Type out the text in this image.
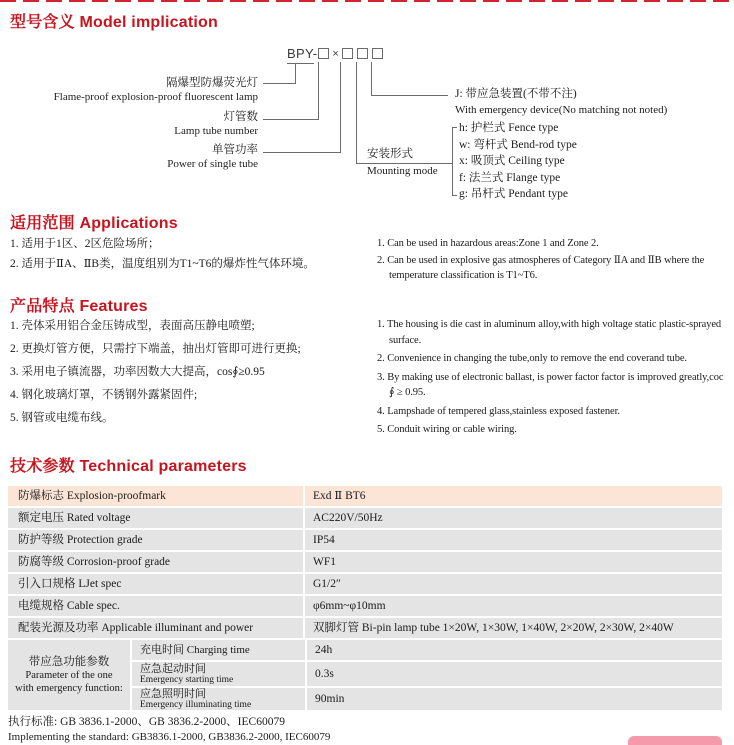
型号含义 Model implication
BPY- ×
隔爆型防爆荧光灯
Flame-proof explosion-proof fluorescent lamp
灯管数
Lamp tube number
单管功率
Power of single tube
安装形式
Mounting mode
h: 护栏式 Fence type
w: 弯杆式 Bend-rod type
x: 吸顶式 Ceiling type
f: 法兰式 Flange type
g: 吊杆式 Pendant type
J: 带应急装置(不带不注)
With emergency device(No matching not noted)
适用范围 Applications
1. 适用于1区、2区危险场所；
2. 适用于ⅡA、ⅡB类，温度组别为T1~T6的爆炸性气体环境。
1. Can be used in hazardous areas:Zone 1 and Zone 2.
2. Can be used in explosive gas atmospheres of Category ⅡA and ⅡB where the temperature classification is T1~T6.
产品特点 Features
1. 壳体采用铝合金压铸成型，表面高压静电喷塑;
2. 更换灯管方便，只需拧下端盖，抽出灯管即可进行更换;
3. 采用电子镇流器，功率因数大大提高，cos∮≥0.95
4. 钢化玻璃灯罩，不锈钢外露紧固件;
5. 钢管或电缆布线。
1. The housing is die cast in aluminum alloy,with high voltage static plastic-sprayed surface.
2. Convenience in changing the tube,only to remove the end coverand tube.
3. By making use of electronic ballast, is power factor factor is improved greatly,coc ∮ ≥ 0.95.
4. Lampshade of tempered glass,stainless exposed fastener.
5. Conduit wiring or cable wiring.
技术参数 Technical parameters
防爆标志 Explosion-proofmark	Exd Ⅱ BT6
额定电压 Rated voltage	AC220V/50Hz
防护等级 Protection grade	IP54
防腐等级 Corrosion-proof grade	WF1
引入口规格 LJet spec	G1/2″
电缆规格 Cable spec.	φ6mm~φ10mm
配装光源及功率 Applicable illuminant and power	双脚灯管 Bi-pin lamp tube 1×20W, 1×30W, 1×40W, 2×20W, 2×30W, 2×40W
带应急功能参数
Parameter of the one
with emergency function:
充电时间 Charging time	24h
应急起动时间
Emergency starting time	0.3s
应急照明时间
Emergency illuminating time	90min
执行标准: GB 3836.1-2000、GB 3836.2-2000、IEC60079
Implementing the standard: GB3836.1-2000, GB3836.2-2000, IEC60079
